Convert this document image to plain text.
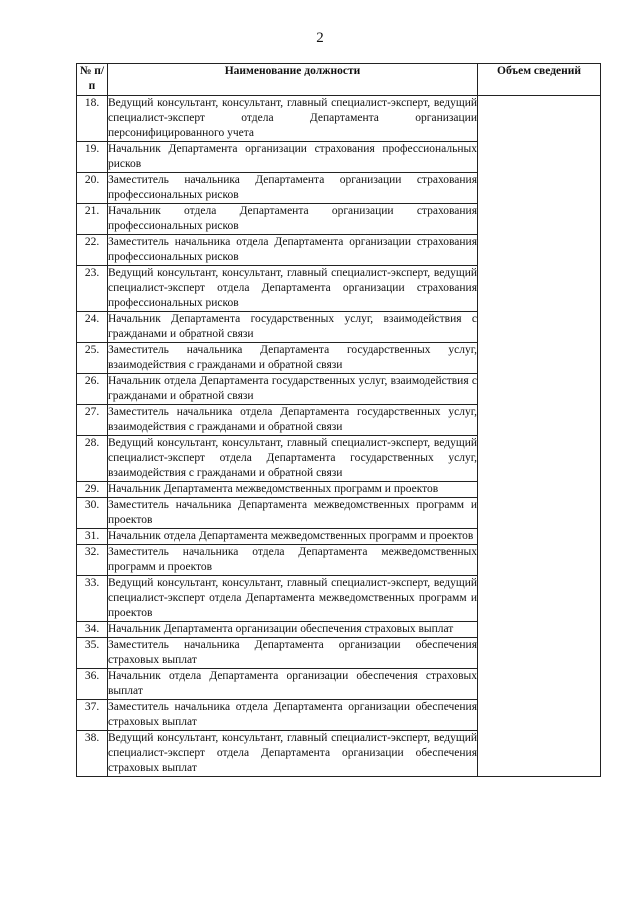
2
№ п/п	Наименование должности	Объем сведений
18.	Ведущий консультант, консультант, главный специалист-эксперт, ведущий специалист-эксперт отдела Департамента организации персонифицированного учета	
19.	Начальник Департамента организации страхования профессиональных рисков	
20.	Заместитель начальника Департамента организации страхования профессиональных рисков	
21.	Начальник отдела Департамента организации страхования профессиональных рисков	
22.	Заместитель начальника отдела Департамента организации страхования профессиональных рисков	
23.	Ведущий консультант, консультант, главный специалист-эксперт, ведущий специалист-эксперт отдела Департамента организации страхования профессиональных рисков	
24.	Начальник Департамента государственных услуг, взаимодействия с гражданами и обратной связи	
25.	Заместитель начальника Департамента государственных услуг, взаимодействия с гражданами и обратной связи	
26.	Начальник отдела Департамента государственных услуг, взаимодействия с гражданами и обратной связи	
27.	Заместитель начальника отдела Департамента государственных услуг, взаимодействия с гражданами и обратной связи	
28.	Ведущий консультант, консультант, главный специалист-эксперт, ведущий специалист-эксперт отдела Департамента государственных услуг, взаимодействия с гражданами и обратной связи	
29.	Начальник Департамента межведомственных программ и проектов	
30.	Заместитель начальника Департамента межведомственных программ и проектов	
31.	Начальник отдела Департамента межведомственных программ и проектов	
32.	Заместитель начальника отдела Департамента межведомственных программ и проектов	
33.	Ведущий консультант, консультант, главный специалист-эксперт, ведущий специалист-эксперт отдела Департамента межведомственных программ и проектов	
34.	Начальник Департамента организации обеспечения страховых выплат	
35.	Заместитель начальника Департамента организации обеспечения страховых выплат	
36.	Начальник отдела Департамента организации обеспечения страховых выплат	
37.	Заместитель начальника отдела Департамента организации обеспечения страховых выплат	
38.	Ведущий консультант, консультант, главный специалист-эксперт, ведущий специалист-эксперт отдела Департамента организации обеспечения страховых выплат	
